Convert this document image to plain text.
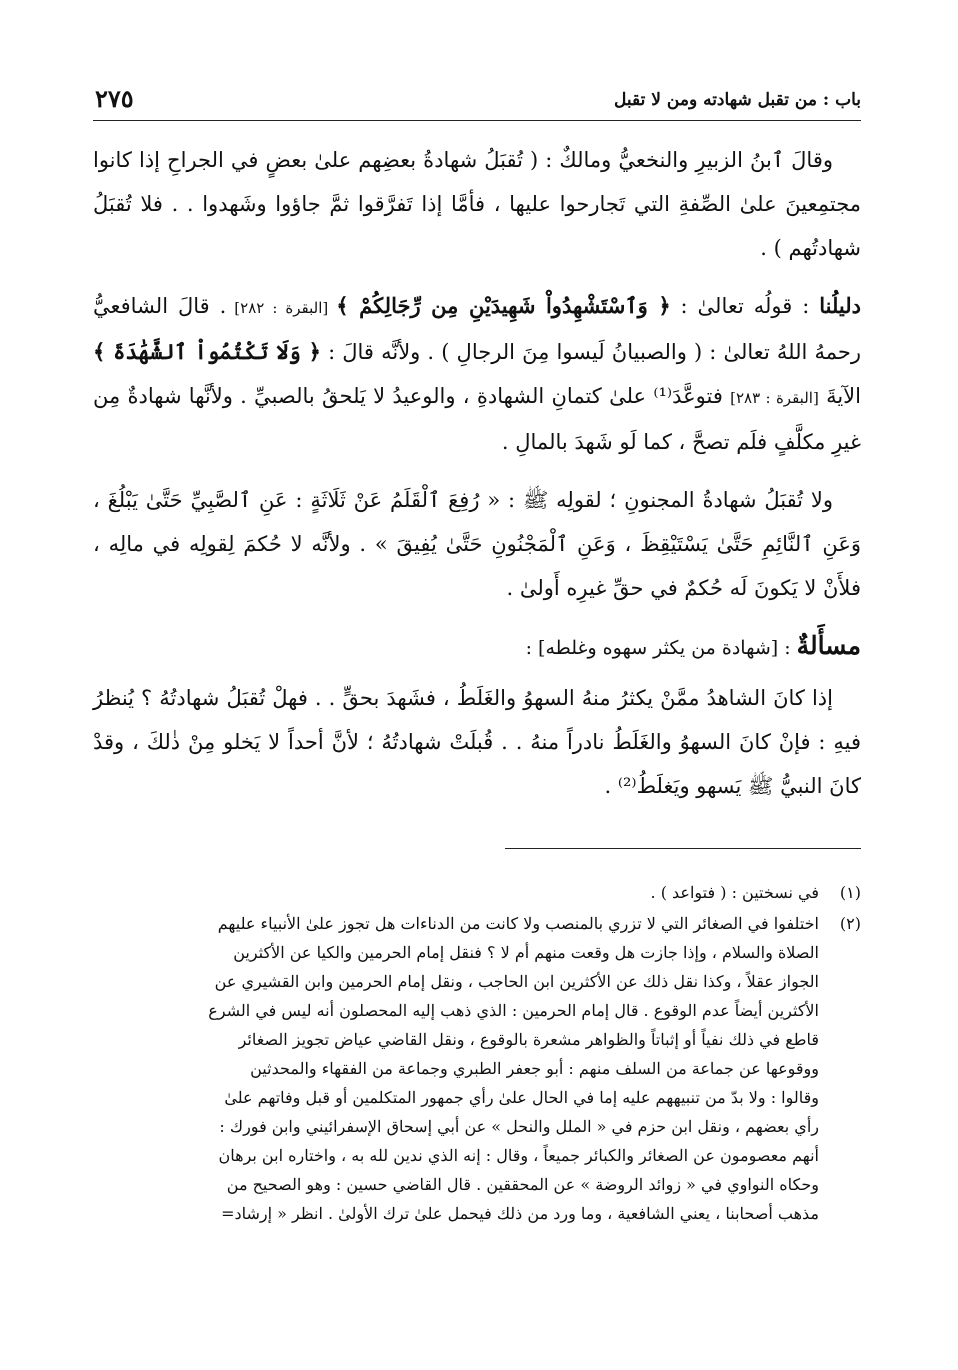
باب : من تقبل شهادته ومن لا تقبل
٢٧٥

وقالَ ٱبنُ الزبيرِ والنخعيُّ ومالكٌ : ( تُقبَلُ شهادةُ بعضِهم علىٰ بعضٍ في الجراحِ إذا كانوا مجتمِعينَ علىٰ الصِّفةِ التي تَجارحوا عليها ، فأمَّا إذا تَفرَّقوا ثمَّ جاؤوا وشَهدوا . . فلا تُقبَلُ شهادتُهم ) .

دليلُنا : قولُه تعالىٰ : ﴿ وَٱسْتَشْهِدُواْ شَهِيدَيْنِ مِن رِّجَالِكُمْ ﴾ [البقرة : ٢٨٢] . قالَ الشافعيُّ رحمهُ اللهُ تعالىٰ : ( والصبيانُ لَيسوا مِنَ الرجالِ ) . ولأنَّه قالَ : ﴿ وَلَا تَكْتُمُواْ ٱلشَّهَٰدَةَ ﴾ الآيةَ [البقرة : ٢٨٣] فتوعَّدَ⁽¹⁾ علىٰ كتمانِ الشهادةِ ، والوعيدُ لا يَلحقُ بالصبيِّ . ولأنَّها شهادةٌ مِن غيرِ مكلَّفٍ فلَم تصحَّ ، كما لَو شَهدَ بالمالِ .

ولا تُقبَلُ شهادةُ المجنونِ ؛ لقولِه ﷺ : « رُفِعَ ٱلْقَلَمُ عَنْ ثَلَاثَةٍ : عَنِ ٱلصَّبِيِّ حَتَّىٰ يَبْلُغَ ، وَعَنِ ٱلنَّائِمِ حَتَّىٰ يَسْتَيْقِظَ ، وَعَنِ ٱلْمَجْنُونِ حَتَّىٰ يُفِيقَ » . ولأنَّه لا حُكمَ لِقولِه في مالِه ، فلأَنْ لا يَكونَ لَه حُكمٌ في حقِّ غيرِه أَولىٰ .

مسأَلةٌ : [شهادة من يكثر سهوه وغلطه] :

إذا كانَ الشاهدُ ممَّنْ يكثرُ منهُ السهوُ والغَلَطُ ، فشَهدَ بحقٍّ . . فهلْ تُقبَلُ شهادتُهُ ؟ يُنظرُ فيهِ : فإنْ كانَ السهوُ والغَلَطُ نادراً منهُ . . قُبلَتْ شهادتُهُ ؛ لأنَّ أحداً لا يَخلو مِنْ ذٰلكَ ، وقدْ كانَ النبيُّ ﷺ يَسهو ويَغلَطُ⁽²⁾ .

(١)
في نسختين : ( فتواعد ) .
(٢)
اختلفوا في الصغائر التي لا تزري بالمنصب ولا كانت من الدناءات هل تجوز علىٰ الأنبياء عليهم
الصلاة والسلام ، وإذا جازت هل وقعت منهم أم لا ؟ فنقل إمام الحرمين والكيا عن الأكثرين
الجواز عقلاً ، وكذا نقل ذلك عن الأكثرين ابن الحاجب ، ونقل إمام الحرمين وابن القشيري عن
الأكثرين أيضاً عدم الوقوع . قال إمام الحرمين : الذي ذهب إليه المحصلون أنه ليس في الشرع
قاطع في ذلك نفياً أو إثباتاً والظواهر مشعرة بالوقوع ، ونقل القاضي عياض تجويز الصغائر
ووقوعها عن جماعة من السلف منهم : أبو جعفر الطبري وجماعة من الفقهاء والمحدثين
وقالوا : ولا بدّ من تنبيههم عليه إما في الحال علىٰ رأي جمهور المتكلمين أو قبل وفاتهم علىٰ
رأي بعضهم ، ونقل ابن حزم في « الملل والنحل » عن أبي إسحاق الإسفرائيني وابن فورك :
أنهم معصومون عن الصغائر والكبائر جميعاً ، وقال : إنه الذي ندين لله به ، واختاره ابن برهان
وحكاه النواوي في « زوائد الروضة » عن المحققين . قال القاضي حسين : وهو الصحيح من
مذهب أصحابنا ، يعني الشافعية ، وما ورد من ذلك فيحمل علىٰ ترك الأولىٰ . انظر « إرشاد=
